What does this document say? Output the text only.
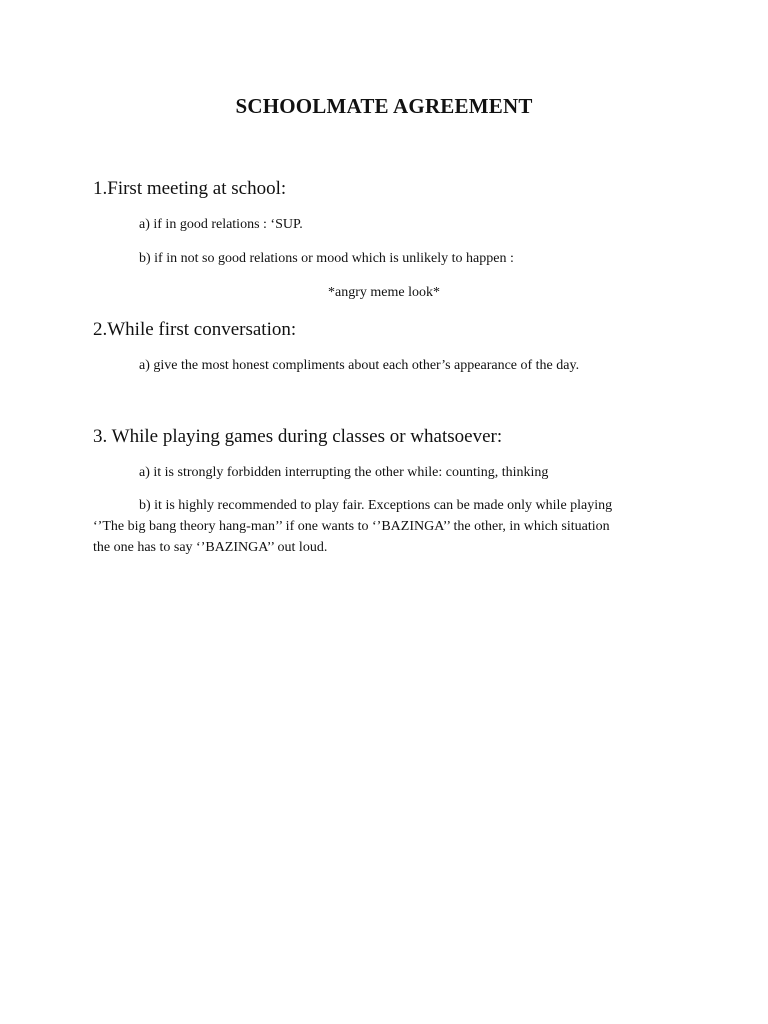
SCHOOLMATE AGREEMENT
1.First meeting at school:
a) if in good relations : ‘SUP.
b) if in not so good relations or mood which is unlikely to happen :
*angry meme look*
2.While first conversation:
a) give the most honest compliments about each other’s appearance of the day.
3. While playing games during classes or whatsoever:
a) it is strongly forbidden interrupting the other while: counting, thinking
b) it is highly recommended to play fair. Exceptions can be made only while playing
‘’The big bang theory hang-man’’ if one wants to ‘’BAZINGA’’ the other, in which situation
the one has to say ‘’BAZINGA’’ out loud.
